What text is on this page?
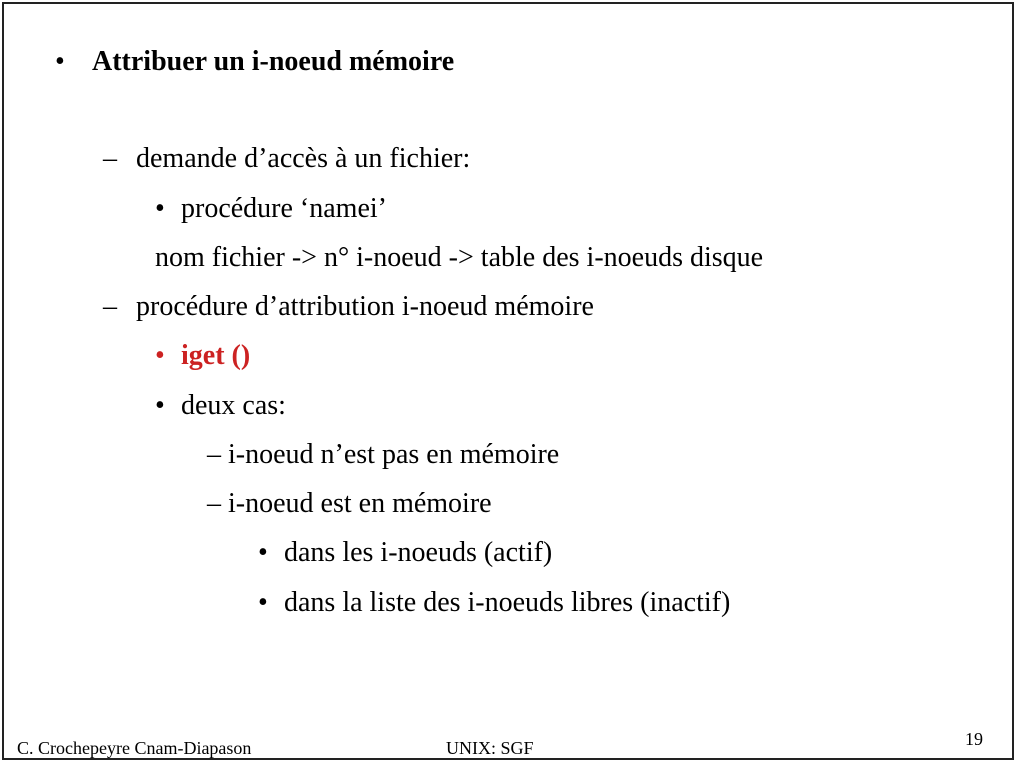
• Attribuer un i-noeud mémoire
– demande d’accès à un fichier:
• procédure ‘namei’
nom fichier -> n° i-noeud -> table des i-noeuds disque
– procédure d’attribution i-noeud mémoire
• iget ()
• deux cas:
– i-noeud n’est pas en mémoire
– i-noeud est en mémoire
• dans les i-noeuds (actif)
• dans la liste des i-noeuds libres (inactif)
C. Crochepeyre Cnam-Diapason	UNIX: SGF	19
